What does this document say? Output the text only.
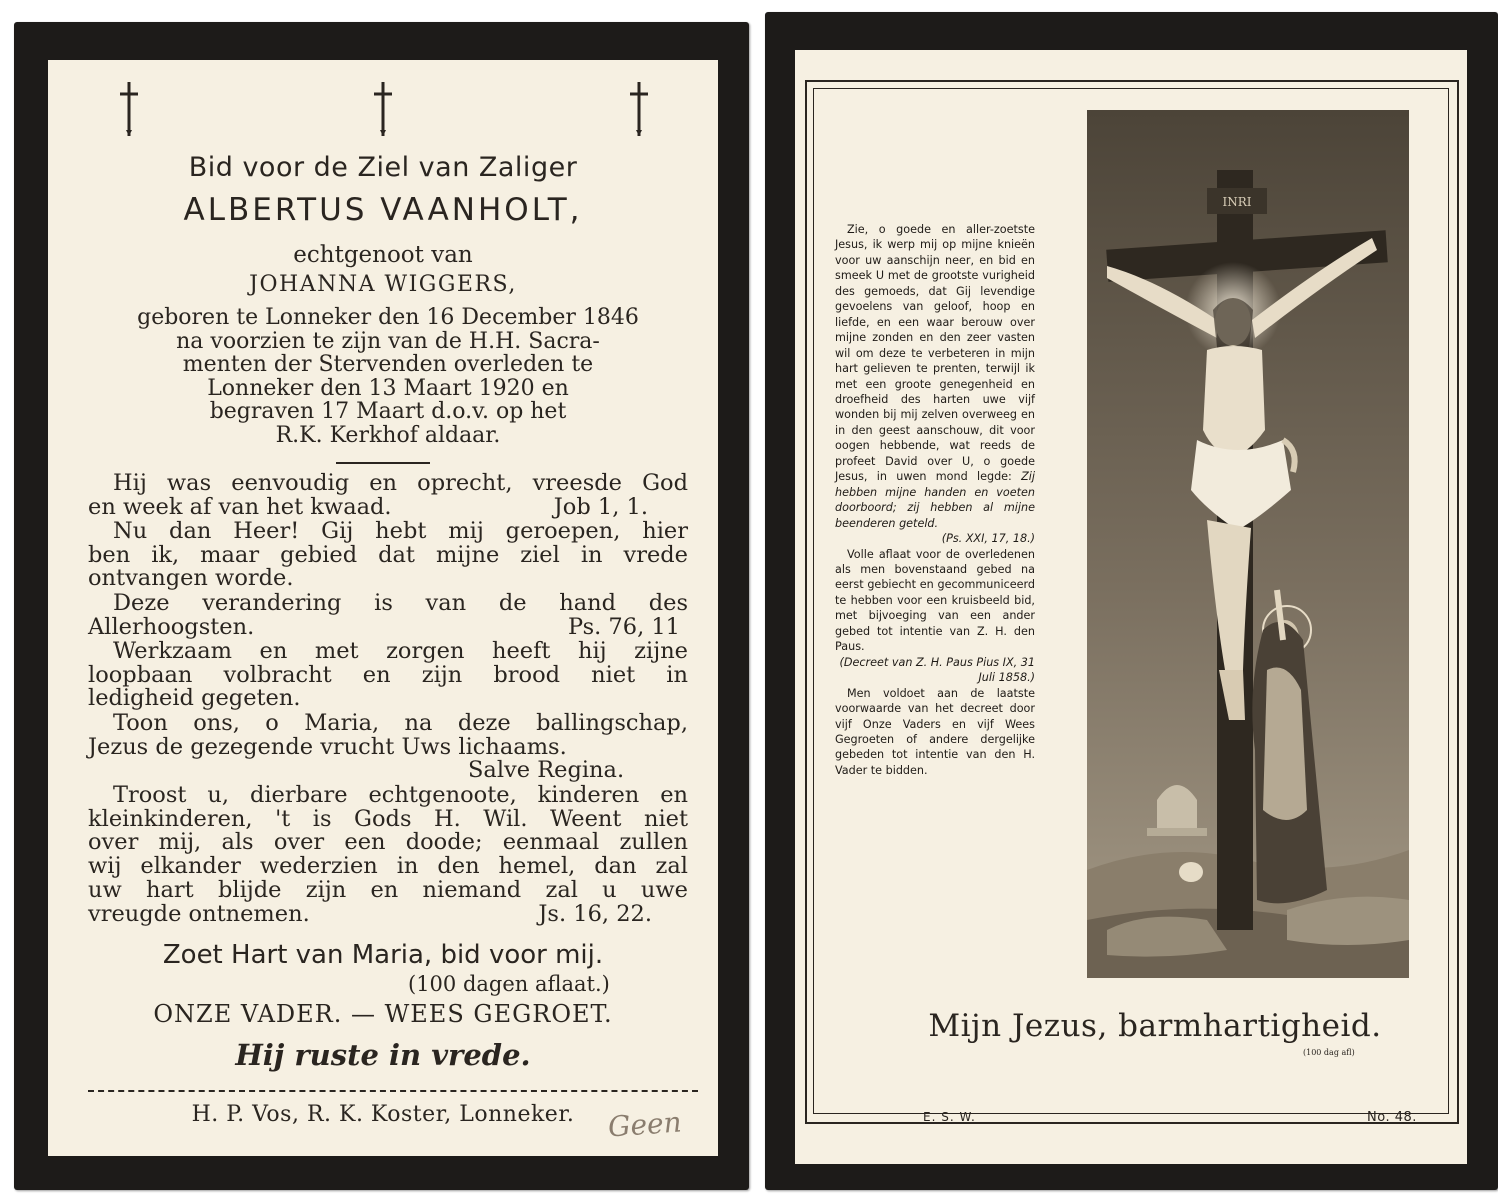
Bid voor de Ziel van Zaliger
ALBERTUS VAANHOLT,
echtgenoot van
JOHANNA WIGGERS,
geboren te Lonneker den 16 December 1846
na voorzien te zijn van de H.H. Sacra-
menten der Stervenden overleden te
Lonneker den 13 Maart 1920 en
begraven 17 Maart d.o.v. op het
R.K. Kerkhof aldaar.
Hij was eenvoudig en oprecht, vreesde God
en week af van het kwaad.	Job 1, 1.
Nu dan Heer! Gij hebt mij geroepen, hier
ben ik, maar gebied dat mijne ziel in vrede
ontvangen worde.
Deze verandering is van de hand des
Allerhoogsten.	Ps. 76, 11
Werkzaam en met zorgen heeft hij zijne
loopbaan volbracht en zijn brood niet in
ledigheid gegeten.
Toon ons, o Maria, na deze ballingschap,
Jezus de gezegende vrucht Uws lichaams.
Salve Regina.
Troost u, dierbare echtgenoote, kinderen en
kleinkinderen, 't is Gods H. Wil. Weent niet
over mij, als over een doode; eenmaal zullen
wij elkander wederzien in den hemel, dan zal
uw hart blijde zijn en niemand zal u uwe
vreugde ontnemen.	Js. 16, 22.
Zoet Hart van Maria, bid voor mij.
(100 dagen aflaat.)
ONZE VADER. — WEES GEGROET.
Hij ruste in vrede.
H. P. Vos, R. K. Koster, Lonneker.	Geen

Zie, o goede en aller-zoetste Jesus, ik werp mij op mijne knieën voor uw aanschijn neer, en bid en smeek U met de grootste vurigheid des gemoeds, dat Gij levendige gevoelens van geloof, hoop en liefde, en een waar berouw over mijne zonden en den zeer vasten wil om deze te verbeteren in mijn hart gelieven te prenten, terwijl ik met een groote genegenheid en droefheid des harten uwe vijf wonden bij mij zelven overweeg en in den geest aanschouw, dit voor oogen hebbende, wat reeds de profeet David over U, o goede Jesus, in uwen mond legde: Zij hebben mijne handen en voeten doorboord; zij hebben al mijne beenderen geteld.

(Ps. XXI, 17, 18.)

Volle aflaat voor de overledenen als men bovenstaand gebed na eerst gebiecht en gecommuniceerd te hebben voor een kruisbeeld bid, met bijvoeging van een ander gebed tot intentie van Z. H. den Paus.

(Decreet van Z. H. Paus Pius IX, 31 Juli 1858.)

Men voldoet aan de laatste voorwaarde van het decreet door vijf Onze Vaders en vijf Wees Gegroeten of andere dergelijke gebeden tot intentie van den H. Vader te bidden.

INRI
Mijn Jezus, barmhartigheid.
(100 dag afl)
E. S. W.	No. 48.
